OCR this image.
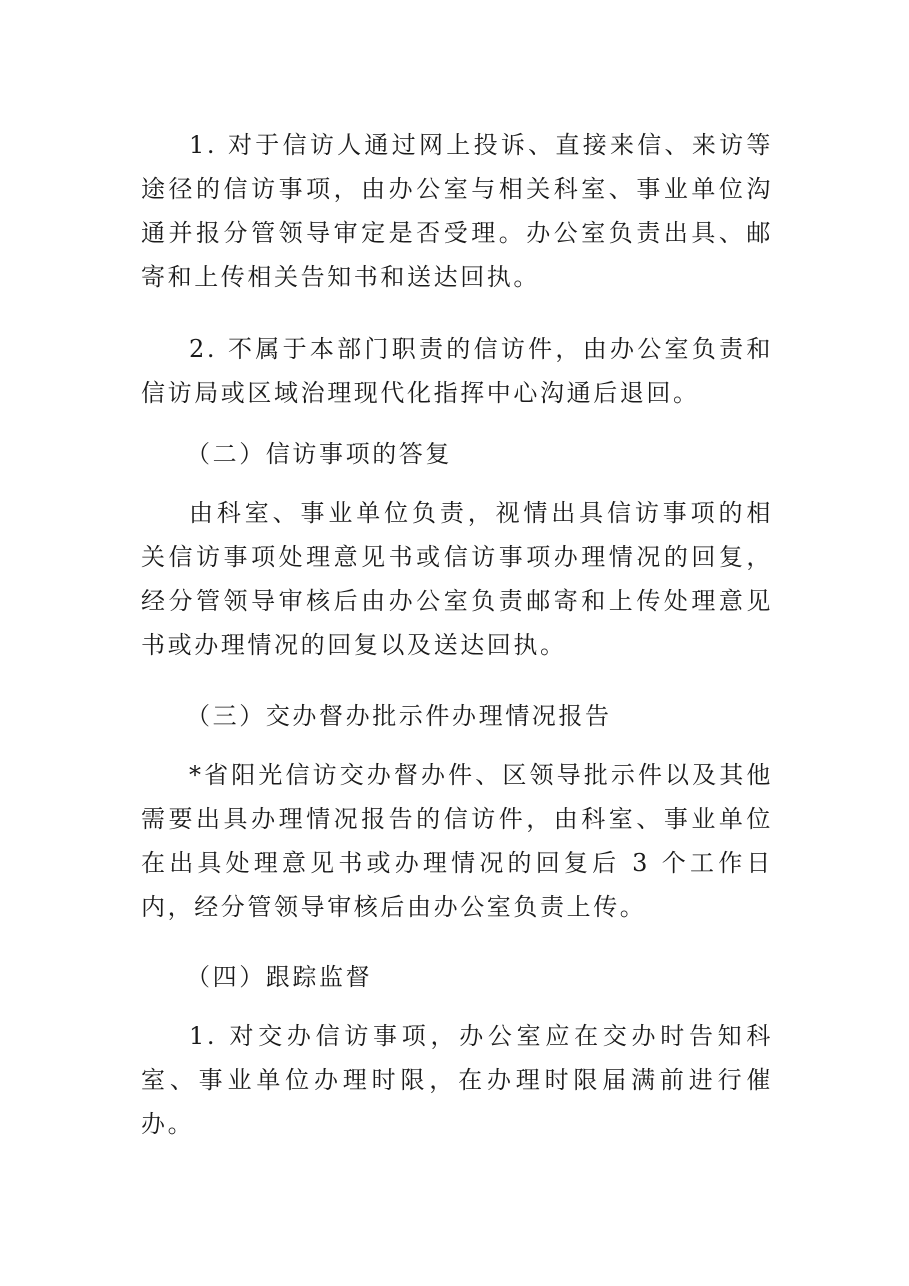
1. 对于信访人通过网上投诉、直接来信、来访等途径的信访事项，由办公室与相关科室、事业单位沟通并报分管领导审定是否受理。办公室负责出具、邮寄和上传相关告知书和送达回执。

2. 不属于本部门职责的信访件，由办公室负责和信访局或区域治理现代化指挥中心沟通后退回。

（二）信访事项的答复

由科室、事业单位负责，视情出具信访事项的相关信访事项处理意见书或信访事项办理情况的回复，经分管领导审核后由办公室负责邮寄和上传处理意见书或办理情况的回复以及送达回执。

（三）交办督办批示件办理情况报告

*省阳光信访交办督办件、区领导批示件以及其他需要出具办理情况报告的信访件，由科室、事业单位在出具处理意见书或办理情况的回复后 3 个工作日内，经分管领导审核后由办公室负责上传。

（四）跟踪监督

1. 对交办信访事项，办公室应在交办时告知科室、事业单位办理时限，在办理时限届满前进行催办。
